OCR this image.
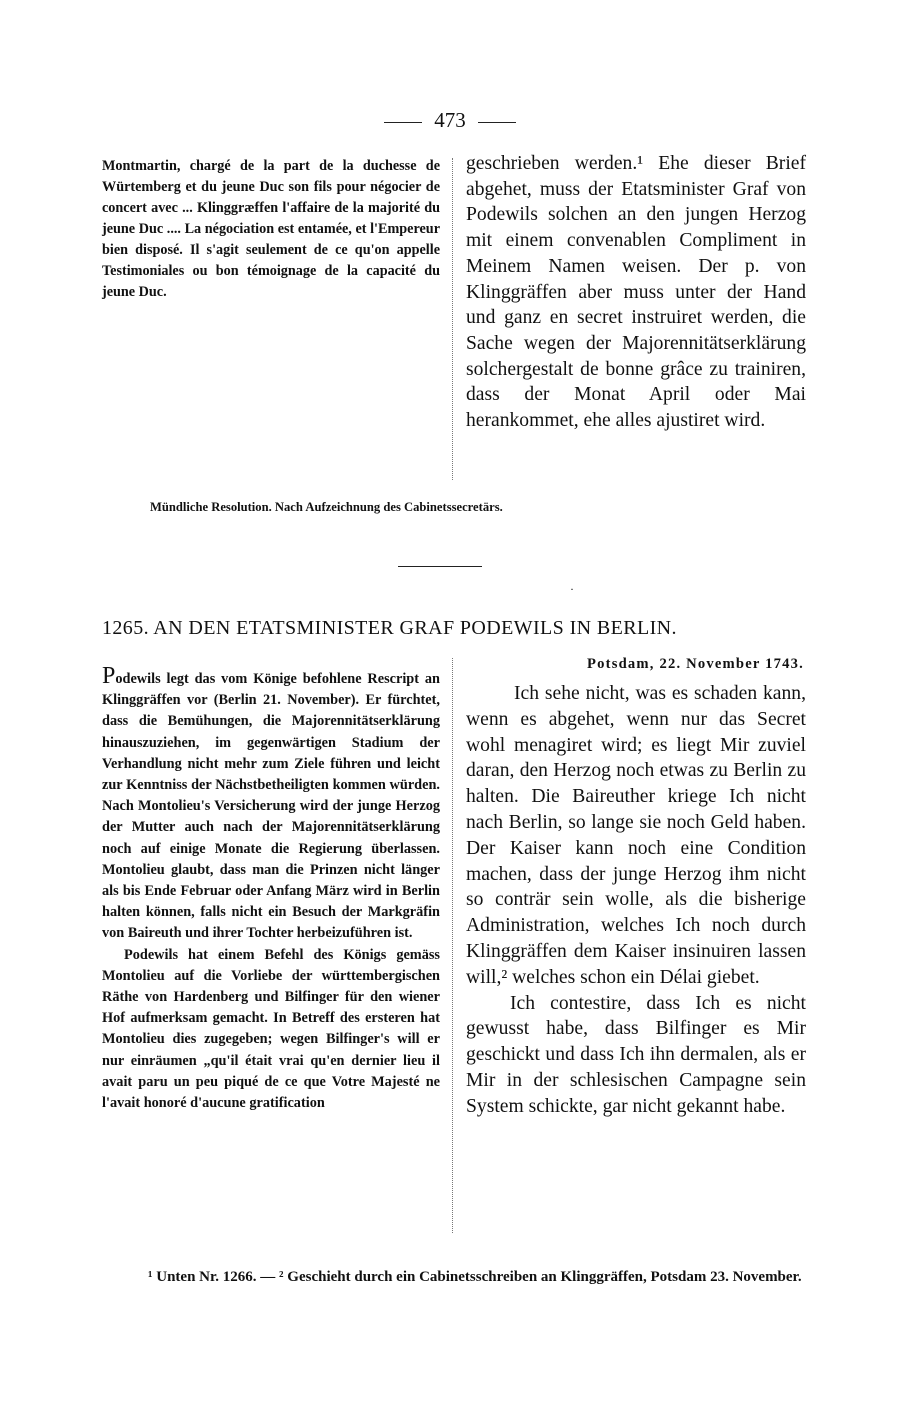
473
Montmartin, chargé de la part de la duchesse de Würtemberg et du jeune Duc son fils pour négocier de concert avec ... Klinggræffen l'affaire de la majorité du jeune Duc .... La négociation est entamée, et l'Empereur bien disposé. Il s'agit seulement de ce qu'on appelle Testimoniales ou bon témoignage de la capacité du jeune Duc.

geschrieben werden.¹ Ehe dieser Brief abgehet, muss der Etatsminister Graf von Podewils solchen an den jungen Herzog mit einem convenablen Compliment in Meinem Namen weisen. Der p. von Klinggräffen aber muss unter der Hand und ganz en secret instruiret werden, die Sache wegen der Majorennitätserklärung solchergestalt de bonne grâce zu trainiren, dass der Monat April oder Mai herankommet, ehe alles ajustiret wird.

Mündliche Resolution. Nach Aufzeichnung des Cabinetssecretärs.
·
1265. AN DEN ETATSMINISTER GRAF PODEWILS IN BERLIN.

Podewils legt das vom Könige befohlene Rescript an Klinggräffen vor (Berlin 21. November). Er fürchtet, dass die Bemühungen, die Majorennitätserklärung hinauszuziehen, im gegenwärtigen Stadium der Verhandlung nicht mehr zum Ziele führen und leicht zur Kenntniss der Nächstbetheiligten kommen würden. Nach Montolieu's Versicherung wird der junge Herzog der Mutter auch nach der Majorennitätserklärung noch auf einige Monate die Regierung überlassen. Montolieu glaubt, dass man die Prinzen nicht länger als bis Ende Februar oder Anfang März wird in Berlin halten können, falls nicht ein Besuch der Markgräfin von Baireuth und ihrer Tochter herbeizuführen ist.

Podewils hat einem Befehl des Königs gemäss Montolieu auf die Vorliebe der württembergischen Räthe von Hardenberg und Bilfinger für den wiener Hof aufmerksam gemacht. In Betreff des ersteren hat Montolieu dies zugegeben; wegen Bilfinger's will er nur einräumen „qu'il était vrai qu'en dernier lieu il avait paru un peu piqué de ce que Votre Majesté ne l'avait honoré d'aucune gratification

Potsdam, 22. November 1743.

Ich sehe nicht, was es schaden kann, wenn es abgehet, wenn nur das Secret wohl menagiret wird; es liegt Mir zuviel daran, den Herzog noch etwas zu Berlin zu halten. Die Baireuther kriege Ich nicht nach Berlin, so lange sie noch Geld haben. Der Kaiser kann noch eine Condition machen, dass der junge Herzog ihm nicht so conträr sein wolle, als die bisherige Administration, welches Ich noch durch Klinggräffen dem Kaiser insinuiren lassen will,² welches schon ein Délai giebet.

Ich contestire, dass Ich es nicht gewusst habe, dass Bilfinger es Mir geschickt und dass Ich ihn dermalen, als er Mir in der schlesischen Campagne sein System schickte, gar nicht gekannt habe.

¹ Unten Nr. 1266. — ² Geschieht durch ein Cabinetsschreiben an Klinggräffen, Potsdam 23. November.
